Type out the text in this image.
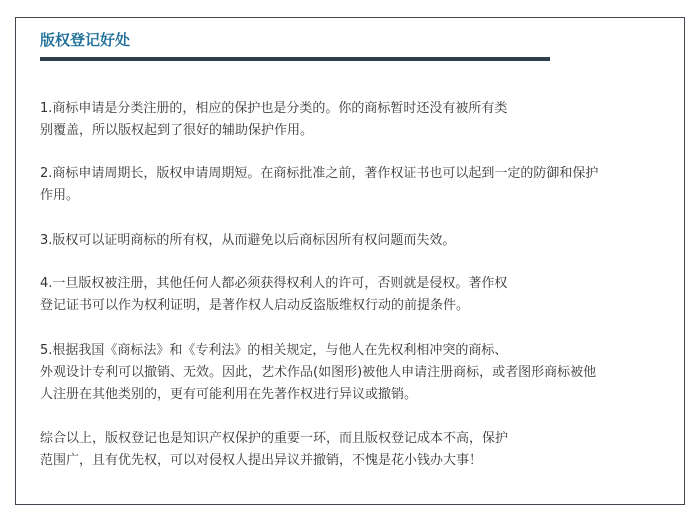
版权登记好处

1.商标申请是分类注册的，相应的保护也是分类的。你的商标暂时还没有被所有类
别覆盖，所以版权起到了很好的辅助保护作用。

2.商标申请周期长，版权申请周期短。在商标批准之前，著作权证书也可以起到一定的防御和保护
作用。

3.版权可以证明商标的所有权，从而避免以后商标因所有权问题而失效。

4.一旦版权被注册，其他任何人都必须获得权利人的许可，否则就是侵权。著作权
登记证书可以作为权利证明，是著作权人启动反盗版维权行动的前提条件。

5.根据我国《商标法》和《专利法》的相关规定，与他人在先权利相冲突的商标、
外观设计专利可以撤销、无效。因此，艺术作品(如图形)被他人申请注册商标，或者图形商标被他
人注册在其他类别的，更有可能利用在先著作权进行异议或撤销。

综合以上，版权登记也是知识产权保护的重要一环，而且版权登记成本不高，保护
范围广，且有优先权，可以对侵权人提出异议并撤销，不愧是花小钱办大事！
